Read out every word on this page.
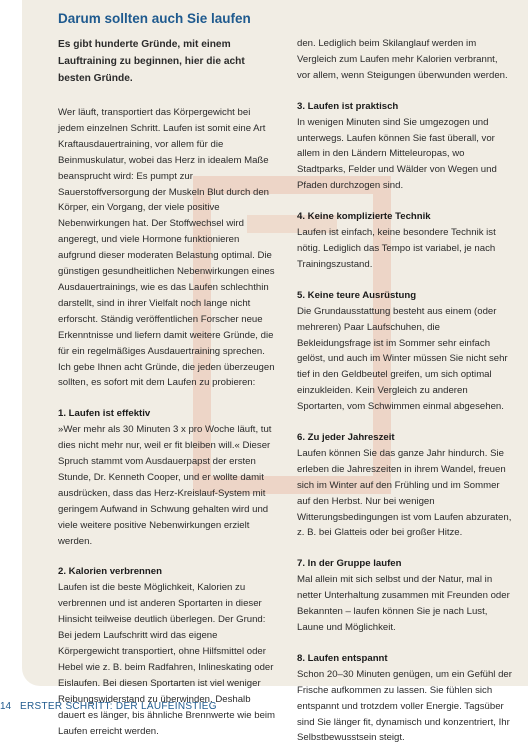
Darum sollten auch Sie laufen

Es gibt hunderte Gründe, mit einem Lauftraining zu beginnen, hier die acht besten Gründe.

Wer läuft, transportiert das Körpergewicht bei jedem einzelnen Schritt. Laufen ist somit eine Art Kraftausdauertraining, vor allem für die Beinmuskulatur, wobei das Herz in idealem Maße beansprucht wird: Es pumpt zur Sauerstoffversorgung der Muskeln Blut durch den Körper, ein Vorgang, der viele positive Nebenwirkungen hat. Der Stoffwechsel wird angeregt, und viele Hormone funktionieren aufgrund dieser moderaten Belastung optimal. Die günstigen gesundheitlichen Nebenwirkungen eines Ausdauertrainings, wie es das Laufen schlechthin darstellt, sind in ihrer Vielfalt noch lange nicht erforscht. Ständig veröffentlichen Forscher neue Erkenntnisse und liefern damit weitere Gründe, die für ein regelmäßiges Ausdauertraining sprechen.

Ich gebe Ihnen acht Gründe, die jeden überzeugen sollten, es sofort mit dem Laufen zu probieren:

1. Laufen ist effektiv

»Wer mehr als 30 Minuten 3 x pro Woche läuft, tut dies nicht mehr nur, weil er fit bleiben will.« Dieser Spruch stammt vom Ausdauerpapst der ersten Stunde, Dr. Kenneth Cooper, und er wollte damit ausdrücken, dass das Herz-Kreislauf-System mit geringem Aufwand in Schwung gehalten wird und viele weitere positive Nebenwirkungen erzielt werden.

2. Kalorien verbrennen

Laufen ist die beste Möglichkeit, Kalorien zu verbrennen und ist anderen Sportarten in dieser Hinsicht teilweise deutlich überlegen. Der Grund: Bei jedem Laufschritt wird das eigene Körpergewicht transportiert, ohne Hilfsmittel oder Hebel wie z. B. beim Radfahren, Inlineskating oder Eislaufen. Bei diesen Sportarten ist viel weniger Reibungswiderstand zu überwinden. Deshalb dauert es länger, bis ähnliche Brennwerte wie beim Laufen erreicht werden.

den. Lediglich beim Skilanglauf werden im Vergleich zum Laufen mehr Kalorien verbrannt, vor allem, wenn Steigungen überwunden werden.

3. Laufen ist praktisch

In wenigen Minuten sind Sie umgezogen und unterwegs. Laufen können Sie fast überall, vor allem in den Ländern Mitteleuropas, wo Stadtparks, Felder und Wälder von Wegen und Pfaden durchzogen sind.

4. Keine komplizierte Technik

Laufen ist einfach, keine besondere Technik ist nötig. Lediglich das Tempo ist variabel, je nach Trainingszustand.

5. Keine teure Ausrüstung

Die Grundausstattung besteht aus einem (oder mehreren) Paar Laufschuhen, die Bekleidungsfrage ist im Sommer sehr einfach gelöst, und auch im Winter müssen Sie nicht sehr tief in den Geldbeutel greifen, um sich optimal einzukleiden. Kein Vergleich zu anderen Sportarten, vom Schwimmen einmal abgesehen.

6. Zu jeder Jahreszeit

Laufen können Sie das ganze Jahr hindurch. Sie erleben die Jahreszeiten in ihrem Wandel, freuen sich im Winter auf den Frühling und im Sommer auf den Herbst. Nur bei wenigen Witterungsbedingungen ist vom Laufen abzuraten, z. B. bei Glatteis oder bei großer Hitze.

7. In der Gruppe laufen

Mal allein mit sich selbst und der Natur, mal in netter Unterhaltung zusammen mit Freunden oder Bekannten – laufen können Sie je nach Lust, Laune und Möglichkeit.

8. Laufen entspannt

Schon 20–30 Minuten genügen, um ein Gefühl der Frische aufkommen zu lassen. Sie fühlen sich entspannt und trotzdem voller Energie. Tagsüber sind Sie länger fit, dynamisch und konzentriert, Ihr Selbstbewusstsein steigt.

14 ERSTER SCHRITT: DER LAUFEINSTIEG
